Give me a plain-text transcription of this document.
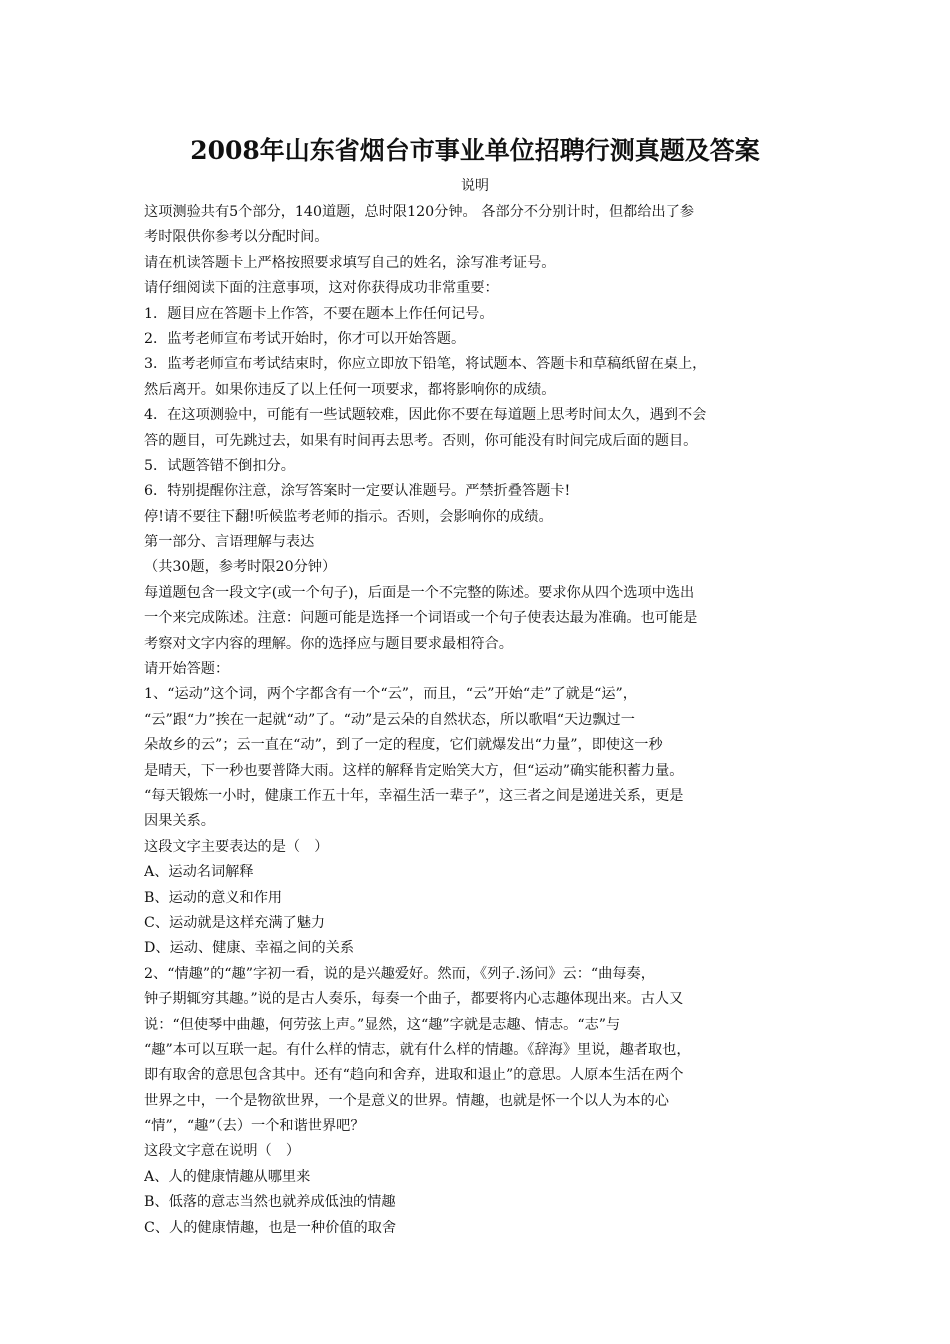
2008年山东省烟台市事业单位招聘行测真题及答案
说明
这项测验共有5个部分，140道题，总时限120分钟。 各部分不分别计时，但都给出了参
考时限供你参考以分配时间。
请在机读答题卡上严格按照要求填写自己的姓名，涂写准考证号。
请仔细阅读下面的注意事项，这对你获得成功非常重要：
1．题目应在答题卡上作答，不要在题本上作任何记号。
2．监考老师宣布考试开始时，你才可以开始答题。
3．监考老师宣布考试结束时，你应立即放下铅笔，将试题本、答题卡和草稿纸留在桌上，
然后离开。如果你违反了以上任何一项要求，都将影响你的成绩。
4．在这项测验中，可能有一些试题较难，因此你不要在每道题上思考时间太久，遇到不会
答的题目，可先跳过去，如果有时间再去思考。否则，你可能没有时间完成后面的题目。
5．试题答错不倒扣分。
6．特别提醒你注意，涂写答案时一定要认准题号。严禁折叠答题卡!
停!请不要往下翻!听候监考老师的指示。否则，会影响你的成绩。
第一部分、言语理解与表达
（共30题，参考时限20分钟）
每道题包含一段文字(或一个句子)，后面是一个不完整的陈述。要求你从四个选项中选出
一个来完成陈述。注意：问题可能是选择一个词语或一个句子使表达最为准确。也可能是
考察对文字内容的理解。你的选择应与题目要求最相符合。
请开始答题：
1、“运动”这个词，两个字都含有一个“云”，而且，“云”开始“走”了就是“运”，
“云”跟“力”挨在一起就“动”了。“动”是云朵的自然状态，所以歌唱“天边飘过一
朵故乡的云”；云一直在“动”，到了一定的程度，它们就爆发出“力量”，即使这一秒
是晴天，下一秒也要普降大雨。这样的解释肯定贻笑大方，但“运动”确实能积蓄力量。
“每天锻炼一小时，健康工作五十年，幸福生活一辈子”，这三者之间是递进关系，更是
因果关系。
这段文字主要表达的是（　）
A、运动名词解释
B、运动的意义和作用
C、运动就是这样充满了魅力
D、运动、健康、幸福之间的关系
2、“情趣”的“趣”字初一看，说的是兴趣爱好。然而，《列子.汤问》云：“曲每奏，
钟子期辄穷其趣。”说的是古人奏乐，每奏一个曲子，都要将内心志趣体现出来。古人又
说：“但使琴中曲趣，何劳弦上声。”显然，这“趣”字就是志趣、情志。“志”与
“趣”本可以互联一起。有什么样的情志，就有什么样的情趣。《辞海》里说，趣者取也，
即有取舍的意思包含其中。还有“趋向和舍弃，进取和退止”的意思。人原本生活在两个
世界之中，一个是物欲世界，一个是意义的世界。情趣，也就是怀一个以人为本的心
“情”，“趣”（去）一个和谐世界吧？
这段文字意在说明（　）
A、人的健康情趣从哪里来
B、低落的意志当然也就养成低浊的情趣
C、人的健康情趣，也是一种价值的取舍
